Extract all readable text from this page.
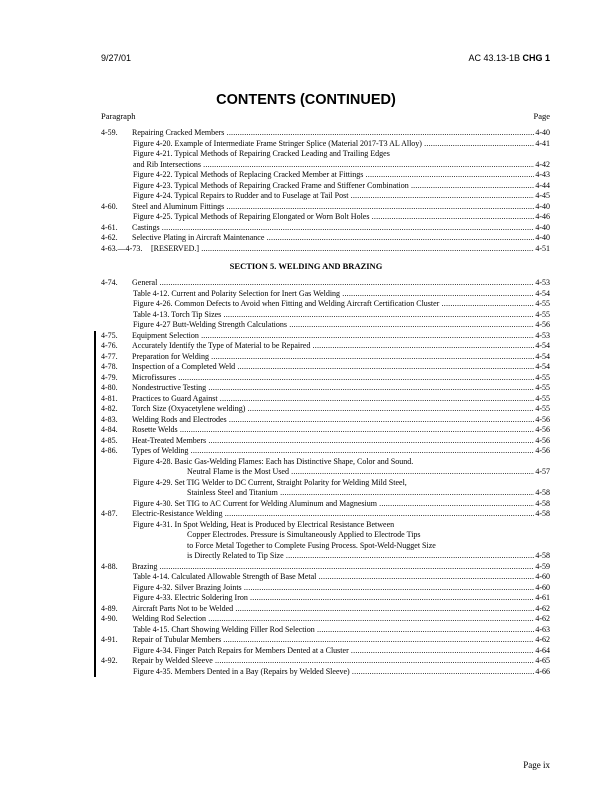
9/27/01	AC 43.13-1B CHG 1
CONTENTS (CONTINUED)
Paragraph	Page
4-59. Repairing Cracked Members .....	4-40
Figure 4-20. Example of Intermediate Frame Stringer Splice (Material 2017-T3 AL Alloy) .....	4-41
Figure 4-21. Typical Methods of Repairing Cracked Leading and Trailing Edges
and Rib Intersections .....	4-42
Figure 4-22. Typical Methods of Replacing Cracked Member at Fittings .....	4-43
Figure 4-23. Typical Methods of Repairing Cracked Frame and Stiffener Combination .....	4-44
Figure 4-24. Typical Repairs to Rudder and to Fuselage at Tail Post .....	4-45
4-60. Steel and Aluminum Fittings .....	4-40
Figure 4-25. Typical Methods of Repairing Elongated or Worn Bolt Holes .....	4-46
4-61. Castings .....	4-40
4-62. Selective Plating in Aircraft Maintenance .....	4-40
4-63.—4-73. [RESERVED.] .....	4-51
SECTION 5. WELDING AND BRAZING
4-74. General .....	4-53
Table 4-12. Current and Polarity Selection for Inert Gas Welding .....	4-54
Figure 4-26. Common Defects to Avoid when Fitting and Welding Aircraft Certification Cluster .....	4-55
Table 4-13. Torch Tip Sizes .....	4-55
Figure 4-27 Butt-Welding Strength Calculations .....	4-56
4-75. Equipment Selection .....	4-53
4-76. Accurately Identify the Type of Material to be Repaired .....	4-54
4-77. Preparation for Welding .....	4-54
4-78. Inspection of a Completed Weld .....	4-54
4-79. Microfissures .....	4-55
4-80. Nondestructive Testing .....	4-55
4-81. Practices to Guard Against .....	4-55
4-82. Torch Size (Oxyacetylene welding) .....	4-55
4-83. Welding Rods and Electrodes .....	4-56
4-84. Rosette Welds .....	4-56
4-85. Heat-Treated Members .....	4-56
4-86. Types of Welding .....	4-56
Figure 4-28. Basic Gas-Welding Flames: Each has Distinctive Shape, Color and Sound.
Neutral Flame is the Most Used .....	4-57
Figure 4-29. Set TIG Welder to DC Current, Straight Polarity for Welding Mild Steel,
Stainless Steel and Titanium .....	4-58
Figure 4-30. Set TIG to AC Current for Welding Aluminum and Magnesium .....	4-58
4-87. Electric-Resistance Welding .....	4-58
Figure 4-31. In Spot Welding, Heat is Produced by Electrical Resistance Between
Copper Electrodes. Pressure is Simultaneously Applied to Electrode Tips
to Force Metal Together to Complete Fusing Process. Spot-Weld-Nugget Size
is Directly Related to Tip Size .....	4-58
4-88. Brazing .....	4-59
Table 4-14. Calculated Allowable Strength of Base Metal .....	4-60
Figure 4-32. Silver Brazing Joints .....	4-60
Figure 4-33. Electric Soldering Iron .....	4-61
4-89. Aircraft Parts Not to be Welded .....	4-62
4-90. Welding Rod Selection .....	4-62
Table 4-15. Chart Showing Welding Filler Rod Selection .....	4-63
4-91. Repair of Tubular Members .....	4-62
Figure 4-34. Finger Patch Repairs for Members Dented at a Cluster .....	4-64
4-92. Repair by Welded Sleeve .....	4-65
Figure 4-35. Members Dented in a Bay (Repairs by Welded Sleeve) .....	4-66
Page ix
